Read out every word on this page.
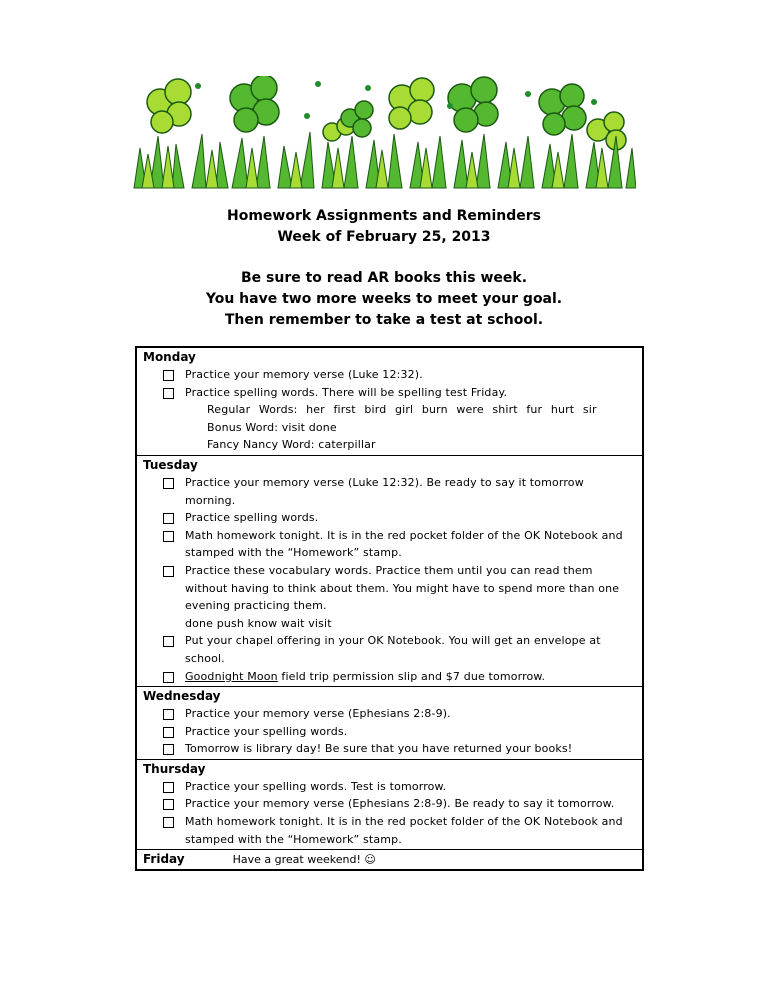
Homework Assignments and Reminders
Week of February 25, 2013
Be sure to read AR books this week.
You have two more weeks to meet your goal.
Then remember to take a test at school.
Monday
Practice your memory verse (Luke 12:32).
Practice spelling words. There will be spelling test Friday.
Regular Words: her first bird girl burn were shirt fur hurt sir
Bonus Word: visit done
Fancy Nancy Word: caterpillar
Tuesday
Practice your memory verse (Luke 12:32). Be ready to say it tomorrow morning.
Practice spelling words.
Math homework tonight. It is in the red pocket folder of the OK Notebook and stamped with the “Homework” stamp.
Practice these vocabulary words. Practice them until you can read them without having to think about them. You might have to spend more than one evening practicing them.
done push know wait visit
Put your chapel offering in your OK Notebook. You will get an envelope at school.
Goodnight Moon field trip permission slip and $7 due tomorrow.
Wednesday
Practice your memory verse (Ephesians 2:8-9).
Practice your spelling words.
Tomorrow is library day! Be sure that you have returned your books!
Thursday
Practice your spelling words. Test is tomorrow.
Practice your memory verse (Ephesians 2:8-9). Be ready to say it tomorrow.
Math homework tonight. It is in the red pocket folder of the OK Notebook and stamped with the “Homework” stamp.
Friday	Have a great weekend! ☺
